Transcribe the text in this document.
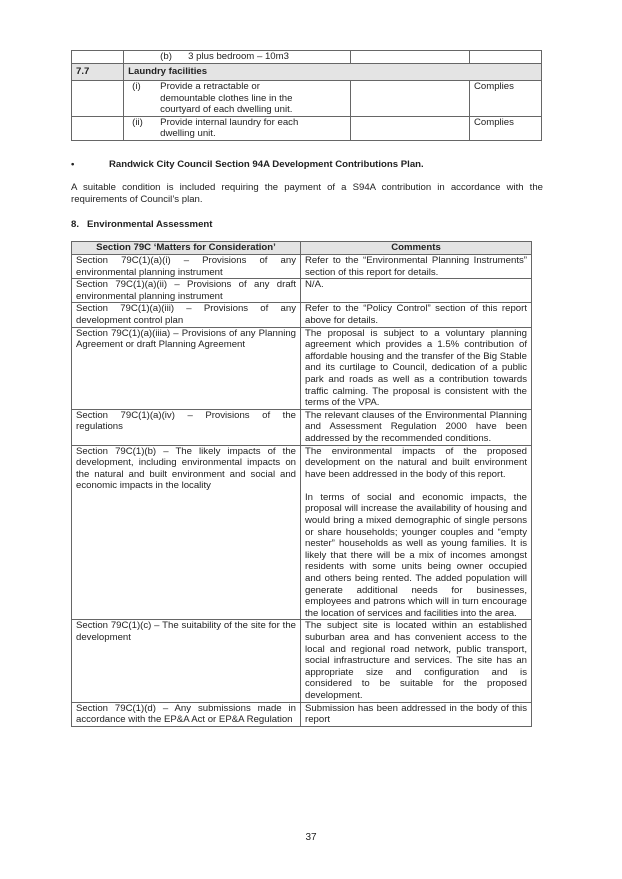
	(b) 3 plus bedroom – 10m3		
7.7	Laundry facilities		
	(i) Provide a retractable or demountable clothes line in the courtyard of each dwelling unit.		Complies
	(ii) Provide internal laundry for each dwelling unit.		Complies
•	Randwick City Council Section 94A Development Contributions Plan.
A suitable condition is included requiring the payment of a S94A contribution in accordance with the requirements of Council’s plan.
8.   Environmental Assessment
Section 79C ‘Matters for Consideration’	Comments
Section 79C(1)(a)(i) – Provisions of any environmental planning instrument	Refer to the “Environmental Planning Instruments” section of this report for details.

Section 79C(1)(a)(ii) – Provisions of any draft environmental planning instrument	N/A.

Section 79C(1)(a)(iii) – Provisions of any development control plan	Refer to the “Policy Control” section of this report above for details.

Section 79C(1)(a)(iiia) – Provisions of any Planning Agreement or draft Planning Agreement	The proposal is subject to a voluntary planning agreement which provides a 1.5% contribution of affordable housing and the transfer of the Big Stable and its curtilage to Council, dedication of a public park and roads as well as a contribution towards traffic calming. The proposal is consistent with the terms of the VPA.

Section 79C(1)(a)(iv) – Provisions of the regulations	The relevant clauses of the Environmental Planning and Assessment Regulation 2000 have been addressed by the recommended conditions.

Section 79C(1)(b) – The likely impacts of the development, including environmental impacts on the natural and built environment and social and economic impacts in the locality	The environmental impacts of the proposed development on the natural and built environment have been addressed in the body of this report.
In terms of social and economic impacts, the proposal will increase the availability of housing and would bring a mixed demographic of single persons or share households; younger couples and “empty nester” households as well as young families. It is likely that there will be a mix of incomes amongst residents with some units being owner occupied and others being rented. The added population will generate additional needs for businesses, employees and patrons which will in turn encourage the location of services and facilities into the area.

Section 79C(1)(c) – The suitability of the site for the development	The subject site is located within an established suburban area and has convenient access to the local and regional road network, public transport, social infrastructure and services. The site has an appropriate size and configuration and is considered to be suitable for the proposed development.

Section 79C(1)(d) – Any submissions made in accordance with the EP&A Act or EP&A Regulation	Submission has been addressed in the body of this report
37
